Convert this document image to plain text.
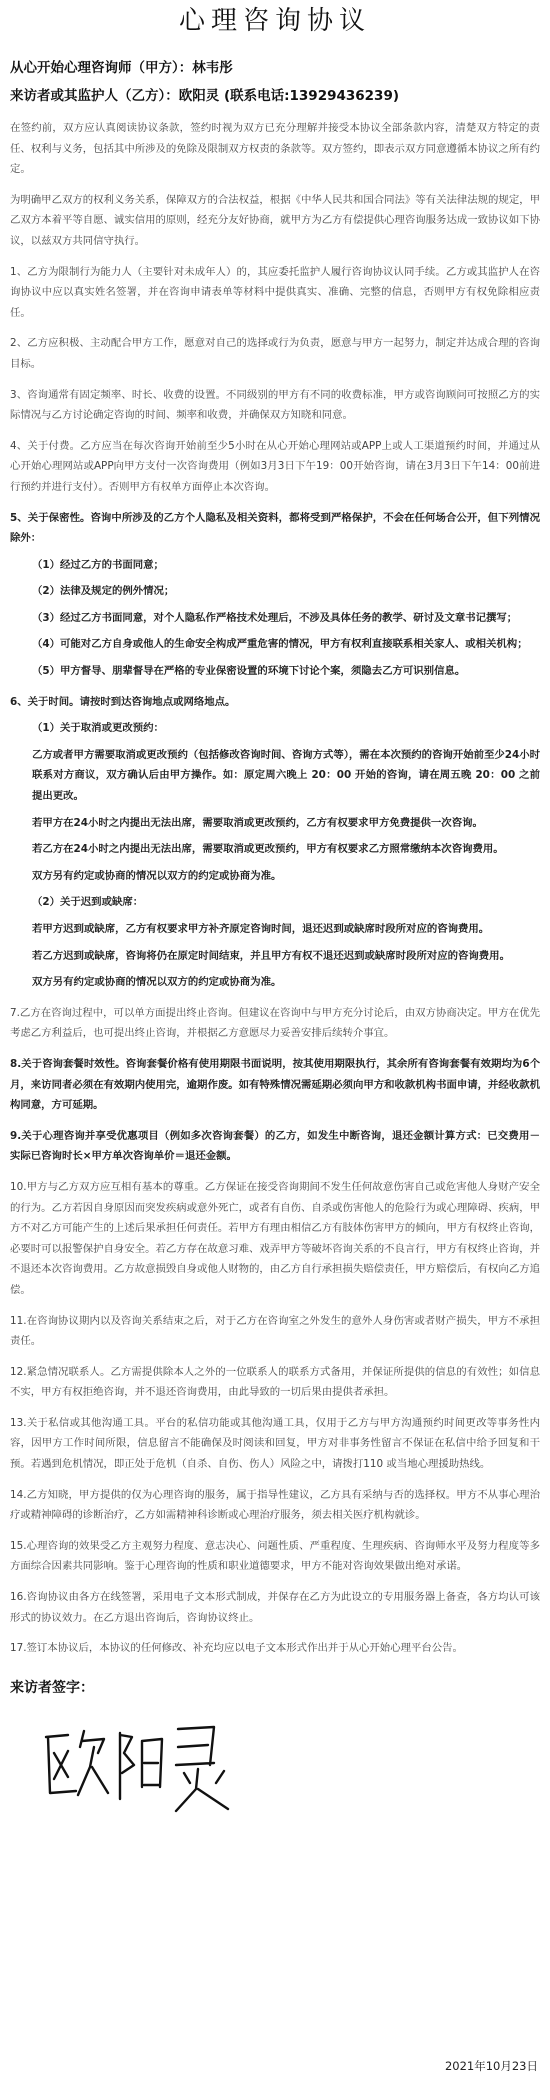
心理咨询协议

从心开始心理咨询师（甲方）：林韦彤

来访者或其监护人（乙方）：欧阳灵 (联系电话:13929436239)

在签约前，双方应认真阅读协议条款，签约时视为双方已充分理解并接受本协议全部条款内容，清楚双方特定的责任、权利与义务，包括其中所涉及的免除及限制双方权责的条款等。双方签约，即表示双方同意遵循本协议之所有约定。

为明确甲乙双方的权利义务关系，保障双方的合法权益，根据《中华人民共和国合同法》等有关法律法规的规定，甲乙双方本着平等自愿、诚实信用的原则，经充分友好协商，就甲方为乙方有偿提供心理咨询服务达成一致协议如下协议，以兹双方共同信守执行。

1、乙方为限制行为能力人（主要针对未成年人）的，其应委托监护人履行咨询协议认同手续。乙方或其监护人在咨询协议中应以真实姓名签署，并在咨询申请表单等材料中提供真实、准确、完整的信息，否则甲方有权免除相应责任。

2、乙方应积极、主动配合甲方工作，愿意对自己的选择或行为负责，愿意与甲方一起努力，制定并达成合理的咨询目标。

3、咨询通常有固定频率、时长、收费的设置。不同级别的甲方有不同的收费标准，甲方或咨询顾问可按照乙方的实际情况与乙方讨论确定咨询的时间、频率和收费，并确保双方知晓和同意。

4、关于付费。乙方应当在每次咨询开始前至少5小时在从心开始心理网站或APP上或人工渠道预约时间，并通过从心开始心理网站或APP向甲方支付一次咨询费用（例如3月3日下午19：00开始咨询，请在3月3日下午14：00前进行预约并进行支付）。否则甲方有权单方面停止本次咨询。

5、关于保密性。咨询中所涉及的乙方个人隐私及相关资料，都将受到严格保护，不会在任何场合公开，但下列情况除外：

（1）经过乙方的书面同意；

（2）法律及规定的例外情况；

（3）经过乙方书面同意，对个人隐私作严格技术处理后，不涉及具体任务的教学、研讨及文章书记撰写；

（4）可能对乙方自身或他人的生命安全构成严重危害的情况，甲方有权利直接联系相关家人、或相关机构；

（5）甲方督导、朋辈督导在严格的专业保密设置的环境下讨论个案，须隐去乙方可识别信息。

6、关于时间。请按时到达咨询地点或网络地点。

（1）关于取消或更改预约：

乙方或者甲方需要取消或更改预约（包括修改咨询时间、咨询方式等），需在本次预约的咨询开始前至少24小时联系对方商议，双方确认后由甲方操作。如：原定周六晚上 20：00 开始的咨询，请在周五晚 20：00 之前提出更改。

若甲方在24小时之内提出无法出席，需要取消或更改预约，乙方有权要求甲方免费提供一次咨询。

若乙方在24小时之内提出无法出席，需要取消或更改预约，甲方有权要求乙方照常缴纳本次咨询费用。

双方另有约定或协商的情况以双方的约定或协商为准。

（2）关于迟到或缺席：

若甲方迟到或缺席，乙方有权要求甲方补齐原定咨询时间，退还迟到或缺席时段所对应的咨询费用。

若乙方迟到或缺席，咨询将仍在原定时间结束，并且甲方有权不退还迟到或缺席时段所对应的咨询费用。

双方另有约定或协商的情况以双方的约定或协商为准。

7.乙方在咨询过程中，可以单方面提出终止咨询。但建议在咨询中与甲方充分讨论后，由双方协商决定。甲方在优先考虑乙方利益后，也可提出终止咨询，并根据乙方意愿尽力妥善安排后续转介事宜。

8.关于咨询套餐时效性。咨询套餐价格有使用期限书面说明，按其使用期限执行，其余所有咨询套餐有效期均为6个月，来访同者必须在有效期内使用完，逾期作废。如有特殊情况需延期必须向甲方和收款机构书面申请，并经收款机构同意，方可延期。

9.关于心理咨询并享受优惠项目（例如多次咨询套餐）的乙方，如发生中断咨询，退还金额计算方式：已交费用－实际已咨询时长×甲方单次咨询单价＝退还金额。

10.甲方与乙方双方应互相有基本的尊重。乙方保证在接受咨询期间不发生任何故意伤害自己或危害他人身财产安全的行为。乙方若因自身原因而突发疾病或意外死亡，或者有自伤、自杀或伤害他人的危险行为或心理障碍、疾病，甲方不对乙方可能产生的上述后果承担任何责任。若甲方有理由相信乙方有肢体伤害甲方的倾向，甲方有权终止咨询，必要时可以报警保护自身安全。若乙方存在故意习难、戏弄甲方等破坏咨询关系的不良言行，甲方有权终止咨询，并不退还本次咨询费用。乙方故意损毁自身或他人财物的，由乙方自行承担损失赔偿责任，甲方赔偿后，有权向乙方追偿。

11.在咨询协议期内以及咨询关系结束之后，对于乙方在咨询室之外发生的意外人身伤害或者财产损失，甲方不承担责任。

12.紧急情况联系人。乙方需提供除本人之外的一位联系人的联系方式备用，并保证所提供的信息的有效性；如信息不实，甲方有权拒绝咨询，并不退还咨询费用，由此导致的一切后果由提供者承担。

13.关于私信或其他沟通工具。平台的私信功能或其他沟通工具，仅用于乙方与甲方沟通预约时间更改等事务性内容，因甲方工作时间所限，信息留言不能确保及时阅读和回复，甲方对非事务性留言不保证在私信中给予回复和干预。若遇到危机情况，即正处于危机（自杀、自伤、伤人）风险之中，请拨打110 或当地心理援助热线。

14.乙方知晓，甲方提供的仅为心理咨询的服务，属于指导性建议，乙方具有采纳与否的选择权。甲方不从事心理治疗或精神障碍的诊断治疗，乙方如需精神科诊断或心理治疗服务，须去相关医疗机构就诊。

15.心理咨询的效果受乙方主观努力程度、意志决心、问题性质、严重程度、生理疾病、咨询师水平及努力程度等多方面综合因素共同影响。鉴于心理咨询的性质和职业道德要求，甲方不能对咨询效果做出绝对承诺。

16.咨询协议由各方在线签署，采用电子文本形式制成，并保存在乙方为此设立的专用服务器上备查，各方均认可该形式的协议效力。在乙方退出咨询后，咨询协议终止。

17.签订本协议后，本协议的任何修改、补充均应以电子文本形式作出并于从心开始心理平台公告。

来访者签字：
2021年10月23日
